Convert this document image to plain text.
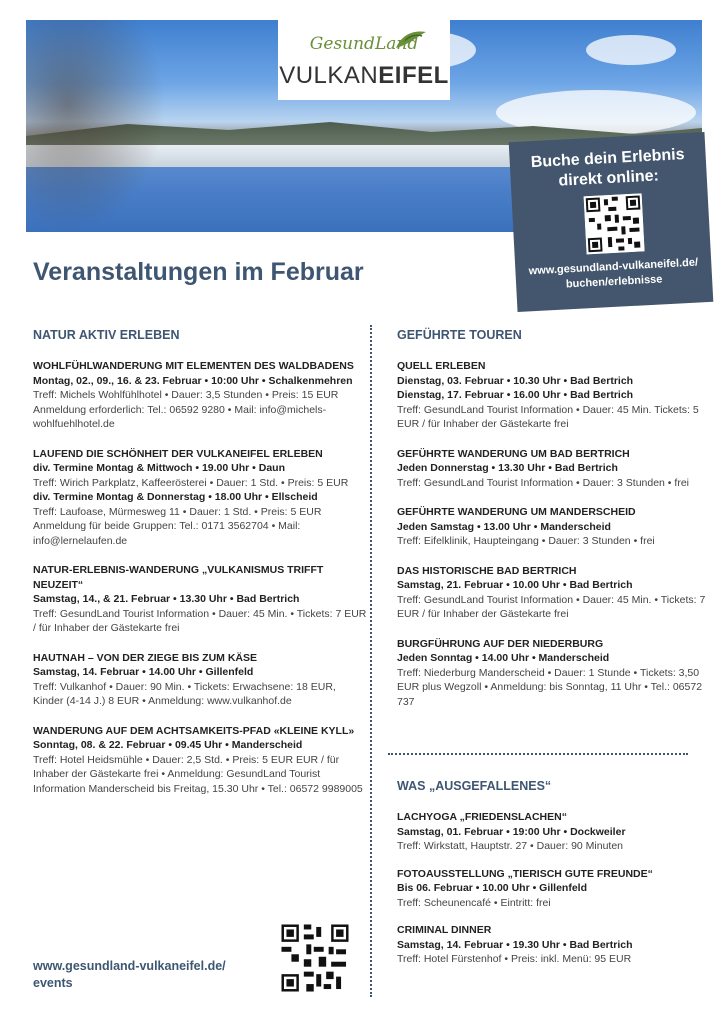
GesundLand
VULKANEIFEL
Buche dein Erlebnis
direkt online:
www.gesundland-vulkaneifel.de/
buchen/erlebnisse
Veranstaltungen im Februar
NATUR AKTIV ERLEBEN
WOHLFÜHLWANDERUNG MIT ELEMENTEN DES WALDBADENS
Montag, 02., 09., 16. & 23. Februar • 10:00 Uhr • Schalkenmehren
Treff: Michels Wohlfühlhotel • Dauer: 3,5 Stunden • Preis: 15 EUR Anmeldung erforderlich: Tel.: 06592 9280 • Mail: info@michels-wohlfuehlhotel.de
LAUFEND DIE SCHÖNHEIT DER VULKANEIFEL ERLEBEN
div. Termine Montag & Mittwoch • 19.00 Uhr • Daun
Treff: Wirich Parkplatz, Kaffeerösterei • Dauer: 1 Std. • Preis: 5 EUR
div. Termine Montag & Donnerstag • 18.00 Uhr • Ellscheid
Treff: Laufoase, Mürmesweg 11 • Dauer: 1 Std. • Preis: 5 EUR Anmeldung für beide Gruppen: Tel.: 0171 3562704 • Mail: info@lernelaufen.de
NATUR-ERLEBNIS-WANDERUNG „VULKANISMUS TRIFFT NEUZEIT“
Samstag, 14., & 21. Februar • 13.30 Uhr • Bad Bertrich
Treff: GesundLand Tourist Information • Dauer: 45 Min. • Tickets: 7 EUR / für Inhaber der Gästekarte frei
HAUTNAH – VON DER ZIEGE BIS ZUM KÄSE
Samstag, 14. Februar • 14.00 Uhr • Gillenfeld
Treff: Vulkanhof • Dauer: 90 Min. • Tickets: Erwachsene: 18 EUR, Kinder (4-14 J.) 8 EUR • Anmeldung: www.vulkanhof.de
WANDERUNG AUF DEM ACHTSAMKEITS-PFAD «KLEINE KYLL»
Sonntag, 08. & 22. Februar • 09.45 Uhr • Manderscheid
Treff: Hotel Heidsmühle • Dauer: 2,5 Std. • Preis: 5 EUR EUR / für Inhaber der Gästekarte frei • Anmeldung: GesundLand Tourist Information Manderscheid bis Freitag, 15.30 Uhr • Tel.: 06572 9989005
GEFÜHRTE TOUREN
QUELL ERLEBEN
Dienstag, 03. Februar • 10.30 Uhr • Bad Bertrich
Dienstag, 17. Februar • 16.00 Uhr • Bad Bertrich
Treff: GesundLand Tourist Information • Dauer: 45 Min. Tickets: 5 EUR / für Inhaber der Gästekarte frei
GEFÜHRTE WANDERUNG UM BAD BERTRICH
Jeden Donnerstag • 13.30 Uhr • Bad Bertrich
Treff: GesundLand Tourist Information • Dauer: 3 Stunden • frei
GEFÜHRTE WANDERUNG UM MANDERSCHEID
Jeden Samstag • 13.00 Uhr • Manderscheid
Treff: Eifelklinik, Haupteingang • Dauer: 3 Stunden • frei
DAS HISTORISCHE BAD BERTRICH
Samstag, 21. Februar • 10.00 Uhr • Bad Bertrich
Treff: GesundLand Tourist Information • Dauer: 45 Min. • Tickets: 7 EUR / für Inhaber der Gästekarte frei
BURGFÜHRUNG AUF DER NIEDERBURG
Jeden Sonntag • 14.00 Uhr • Manderscheid
Treff: Niederburg Manderscheid • Dauer: 1 Stunde • Tickets: 3,50 EUR plus Wegzoll • Anmeldung: bis Sonntag, 11 Uhr • Tel.: 06572 737
WAS „AUSGEFALLENES“
LACHYOGA „FRIEDENSLACHEN“
Samstag, 01. Februar • 19:00 Uhr • Dockweiler
Treff: Wirkstatt, Hauptstr. 27 • Dauer: 90 Minuten
FOTOAUSSTELLUNG „TIERISCH GUTE FREUNDE“
Bis 06. Februar • 10.00 Uhr • Gillenfeld
Treff: Scheunencafé • Eintritt: frei
CRIMINAL DINNER
Samstag, 14. Februar • 19.30 Uhr • Bad Bertrich
Treff: Hotel Fürstenhof • Preis: inkl. Menü: 95 EUR
www.gesundland-vulkaneifel.de/
events
